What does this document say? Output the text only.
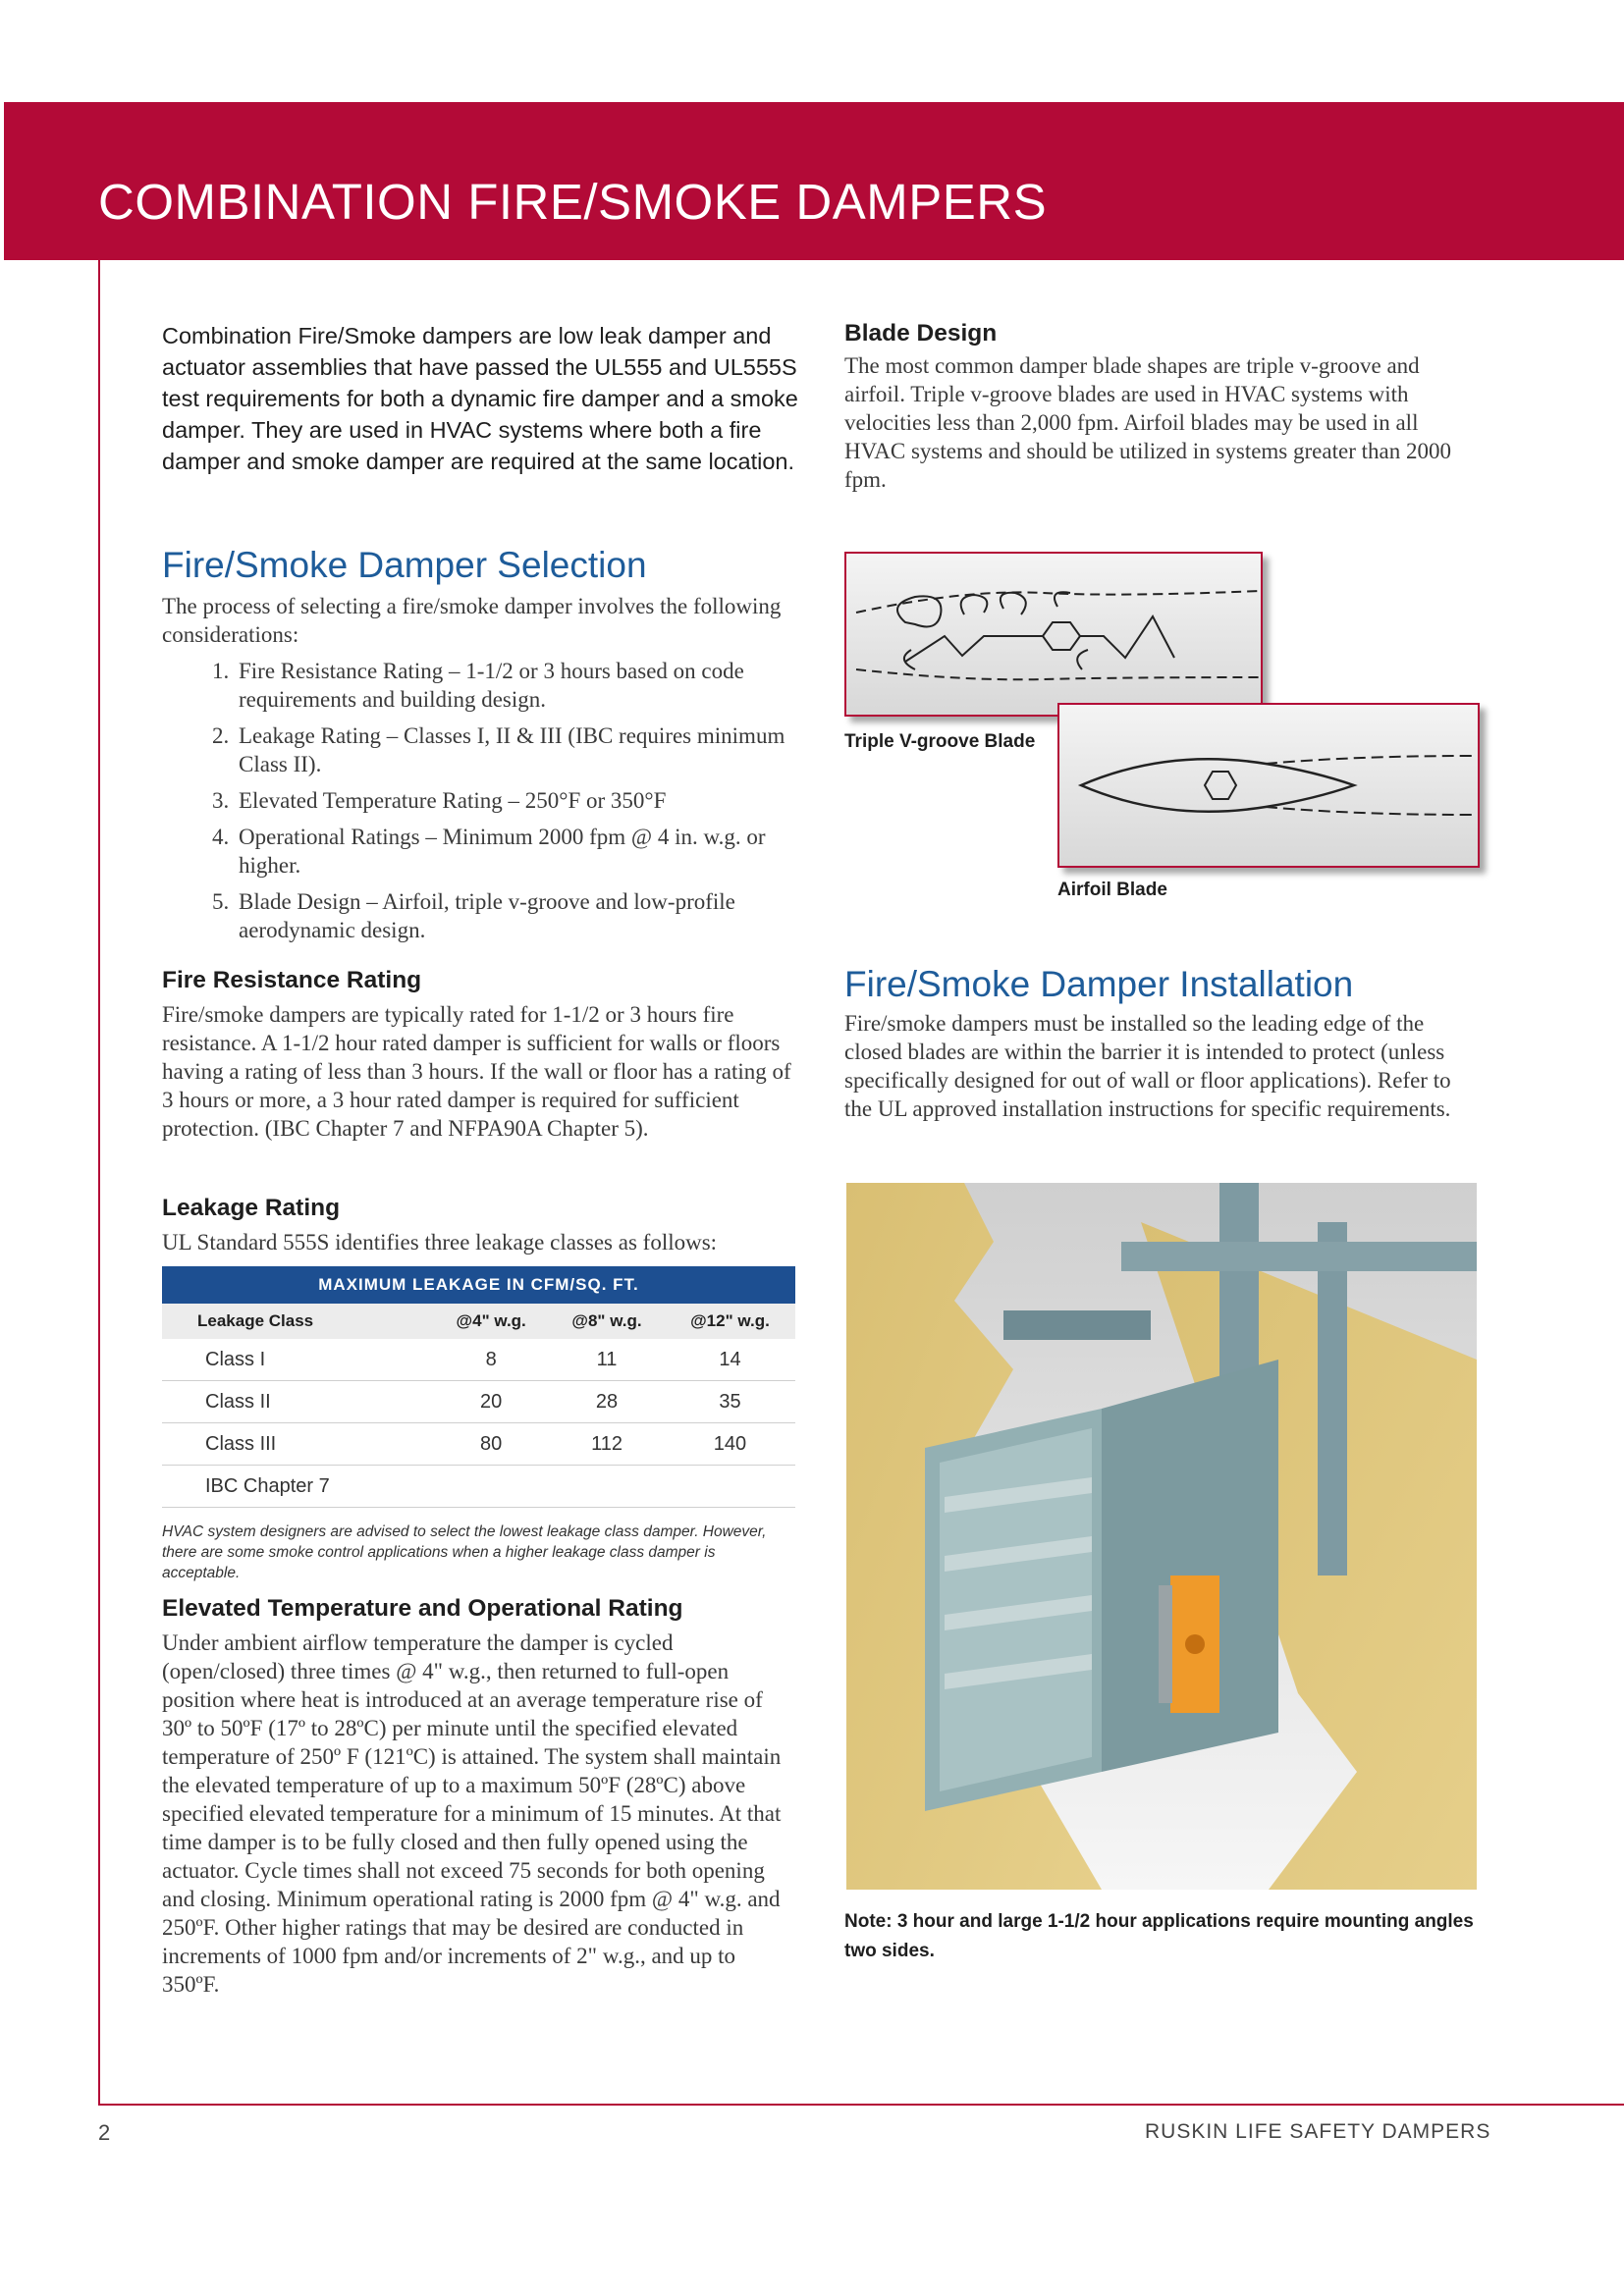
COMBINATION FIRE/SMOKE DAMPERS

Combination Fire/Smoke dampers are low leak damper and actuator assemblies that have passed the UL555 and UL555S test requirements for both a dynamic fire damper and a smoke damper. They are used in HVAC systems where both a fire damper and smoke damper are required at the same location.

Fire/Smoke Damper Selection

The process of selecting a fire/smoke damper involves the following considerations:

1. Fire Resistance Rating – 1-1/2 or 3 hours based on code requirements and building design.
2. Leakage Rating – Classes I, II & III (IBC requires minimum Class II).
3. Elevated Temperature Rating – 250°F or 350°F
4. Operational Ratings – Minimum 2000 fpm @ 4 in. w.g. or higher.
5. Blade Design – Airfoil, triple v-groove and low-profile aerodynamic design.
Fire Resistance Rating

Fire/smoke dampers are typically rated for 1-1/2 or 3 hours fire resistance. A 1-1/2 hour rated damper is sufficient for walls or floors having a rating of less than 3 hours. If the wall or floor has a rating of 3 hours or more, a 3 hour rated damper is required for sufficient protection. (IBC Chapter 7 and NFPA90A Chapter 5).

Leakage Rating

UL Standard 555S identifies three leakage classes as follows:

MAXIMUM LEAKAGE IN CFM/SQ. FT.			
Leakage Class	@4" w.g.	@8" w.g.	@12" w.g.
Class I	8	11	14
Class II	20	28	35
Class III	80	112	140
IBC Chapter 7			

HVAC system designers are advised to select the lowest leakage class damper. However, there are some smoke control applications when a higher leakage class damper is acceptable.

Elevated Temperature and Operational Rating

Under ambient airflow temperature the damper is cycled (open/closed) three times @ 4" w.g., then returned to full-open position where heat is introduced at an average temperature rise of 30º to 50ºF (17º to 28ºC) per minute until the specified elevated temperature of 250º F (121ºC) is attained. The system shall maintain the elevated temperature of up to a maximum 50ºF (28ºC) above specified elevated temperature for a minimum of 15 minutes. At that time damper is to be fully closed and then fully opened using the actuator. Cycle times shall not exceed 75 seconds for both opening and closing. Minimum operational rating is 2000 fpm @ 4" w.g. and 250ºF. Other higher ratings that may be desired are conducted in increments of 1000 fpm and/or increments of 2" w.g., and up to 350ºF.

Blade Design

The most common damper blade shapes are triple v-groove and airfoil. Triple v-groove blades are used in HVAC systems with velocities less than 2,000 fpm. Airfoil blades may be used in all HVAC systems and should be utilized in systems greater than 2000 fpm.

Triple V-groove Blade
Airfoil Blade
Fire/Smoke Damper Installation

Fire/smoke dampers must be installed so the leading edge of the closed blades are within the barrier it is intended to protect (unless specifically designed for out of wall or floor applications). Refer to the UL approved installation instructions for specific requirements.

Note: 3 hour and large 1-1/2 hour applications require mounting angles two sides.
2	RUSKIN LIFE SAFETY DAMPERS
